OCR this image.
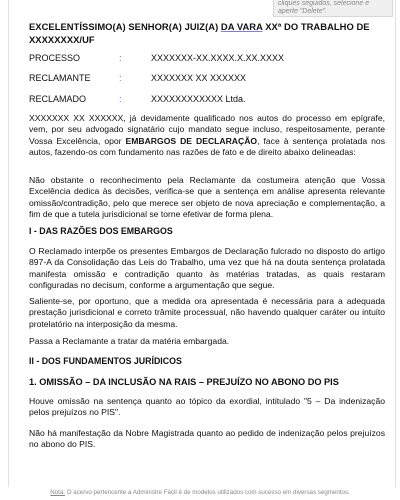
cliques seguidos, selecione e
aperte "Delete".
EXCELENTÍSSIMO(A) SENHOR(A) JUIZ(A) DA VARA XXª DO TRABALHO DE XXXXXXXX/UF
PROCESSO	:	XXXXXXX-XX.XXXX.X.XX.XXXX
RECLAMANTE	:	XXXXXXX XX XXXXXX
RECLAMADO	:	XXXXXXXXXXXX Ltda.

XXXXXXX XX XXXXXX, já devidamente qualificado nos autos do processo em epígrafe, vem, por seu advogado signatário cujo mandato segue incluso, respeitosamente, perante Vossa Excelência, opor EMBARGOS DE DECLARAÇÃO, face à sentença prolatada nos autos, fazendo-os com fundamento nas razões de fato e de direito abaixo delineadas:

Não obstante o reconhecimento pela Reclamante da costumeira atenção que Vossa Excelência dedica às decisões, verifica-se que a sentença em análise apresenta relevante omissão/contradição, pelo que merece ser objeto de nova apreciação e complementação, a fim de que a tutela jurisdicional se torne efetivar de forma plena.

I - DAS RAZÕES DOS EMBARGOS

O Reclamado interpõe os presentes Embargos de Declaração fulcrado no disposto do artigo 897-A da Consolidação das Leis do Trabalho, uma vez que há na douta sentença prolatada manifesta omissão e contradição quanto às matérias tratadas, as quais restaram configuradas no decisum, conforme a argumentação que segue.

Saliente-se, por oportuno, que a medida ora apresentada é necessária para a adequada prestação jurisdicional e correto trâmite processual, não havendo qualquer caráter ou intuito protelatório na interposição da mesma.

Passa a Reclamante a tratar da matéria embargada.

II - DOS FUNDAMENTOS JURÍDICOS
1. OMISSÃO – DA INCLUSÃO NA RAIS – PREJUÍZO NO ABONO DO PIS

Houve omissão na sentença quanto ao tópico da exordial, intitulado "5 – Da indenização pelos prejuízos no PIS".

Não há manifestação da Nobre Magistrada quanto ao pedido de indenização pelos prejuízos no abono do PIS.

Nota: O acervo pertencente a Administre Fácil é de modelos utilizados com sucesso em diversas segmentos.
